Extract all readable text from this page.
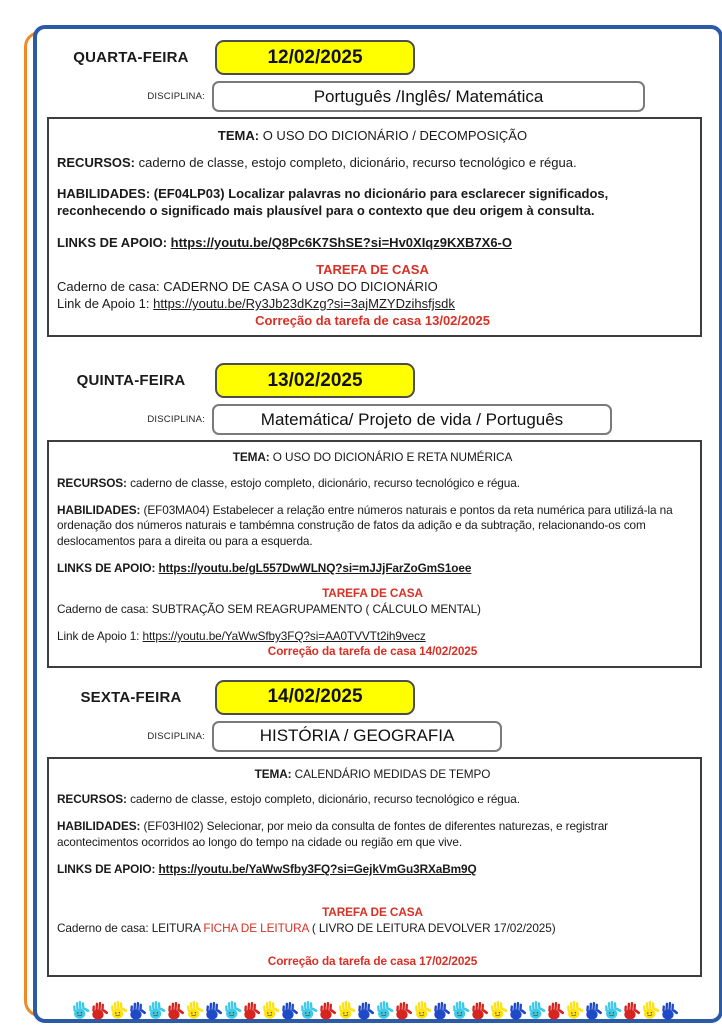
QUARTA-FEIRA	12/02/2025
DISCIPLINA:	Português /Inglês/ Matemática

TEMA: O USO DO DICIONÁRIO / DECOMPOSIÇÃO

RECURSOS: caderno de classe, estojo completo, dicionário, recurso tecnológico e régua.

HABILIDADES: (EF04LP03) Localizar palavras no dicionário para esclarecer significados, reconhecendo o significado mais plausível para o contexto que deu origem à consulta.

LINKS DE APOIO: https://youtu.be/Q8Pc6K7ShSE?si=Hv0XIqz9KXB7X6-O

TAREFA DE CASA

Caderno de casa: CADERNO DE CASA O USO DO DICIONÁRIO

Link de Apoio 1: https://youtu.be/Ry3Jb23dKzg?si=3ajMZYDzihsfjsdk

Correção da tarefa de casa 13/02/2025

QUINTA-FEIRA	13/02/2025
DISCIPLINA:	Matemática/ Projeto de vida / Português

TEMA: O USO DO DICIONÁRIO E RETA NUMÉRICA

RECURSOS: caderno de classe, estojo completo, dicionário, recurso tecnológico e régua.

HABILIDADES: (EF03MA04) Estabelecer a relação entre números naturais e pontos da reta numérica para utilizá-la na ordenação dos números naturais e tambémna construção de fatos da adição e da subtração, relacionando-os com deslocamentos para a direita ou para a esquerda.

LINKS DE APOIO: https://youtu.be/gL557DwWLNQ?si=mJJjFarZoGmS1oee

TAREFA DE CASA

Caderno de casa: SUBTRAÇÃO SEM REAGRUPAMENTO ( CÁLCULO MENTAL)

Link de Apoio 1: https://youtu.be/YaWwSfby3FQ?si=AA0TVVTt2ih9vecz

Correção da tarefa de casa 14/02/2025

SEXTA-FEIRA	14/02/2025
DISCIPLINA:	HISTÓRIA / GEOGRAFIA

TEMA: CALENDÁRIO MEDIDAS DE TEMPO

RECURSOS: caderno de classe, estojo completo, dicionário, recurso tecnológico e régua.

HABILIDADES: (EF03HI02) Selecionar, por meio da consulta de fontes de diferentes naturezas, e registrar acontecimentos ocorridos ao longo do tempo na cidade ou região em que vive.

LINKS DE APOIO: https://youtu.be/YaWwSfby3FQ?si=GejkVmGu3RXaBm9Q

TAREFA DE CASA

Caderno de casa: LEITURA FICHA DE LEITURA ( LIVRO DE LEITURA DEVOLVER 17/02/2025)

Correção da tarefa de casa 17/02/2025
